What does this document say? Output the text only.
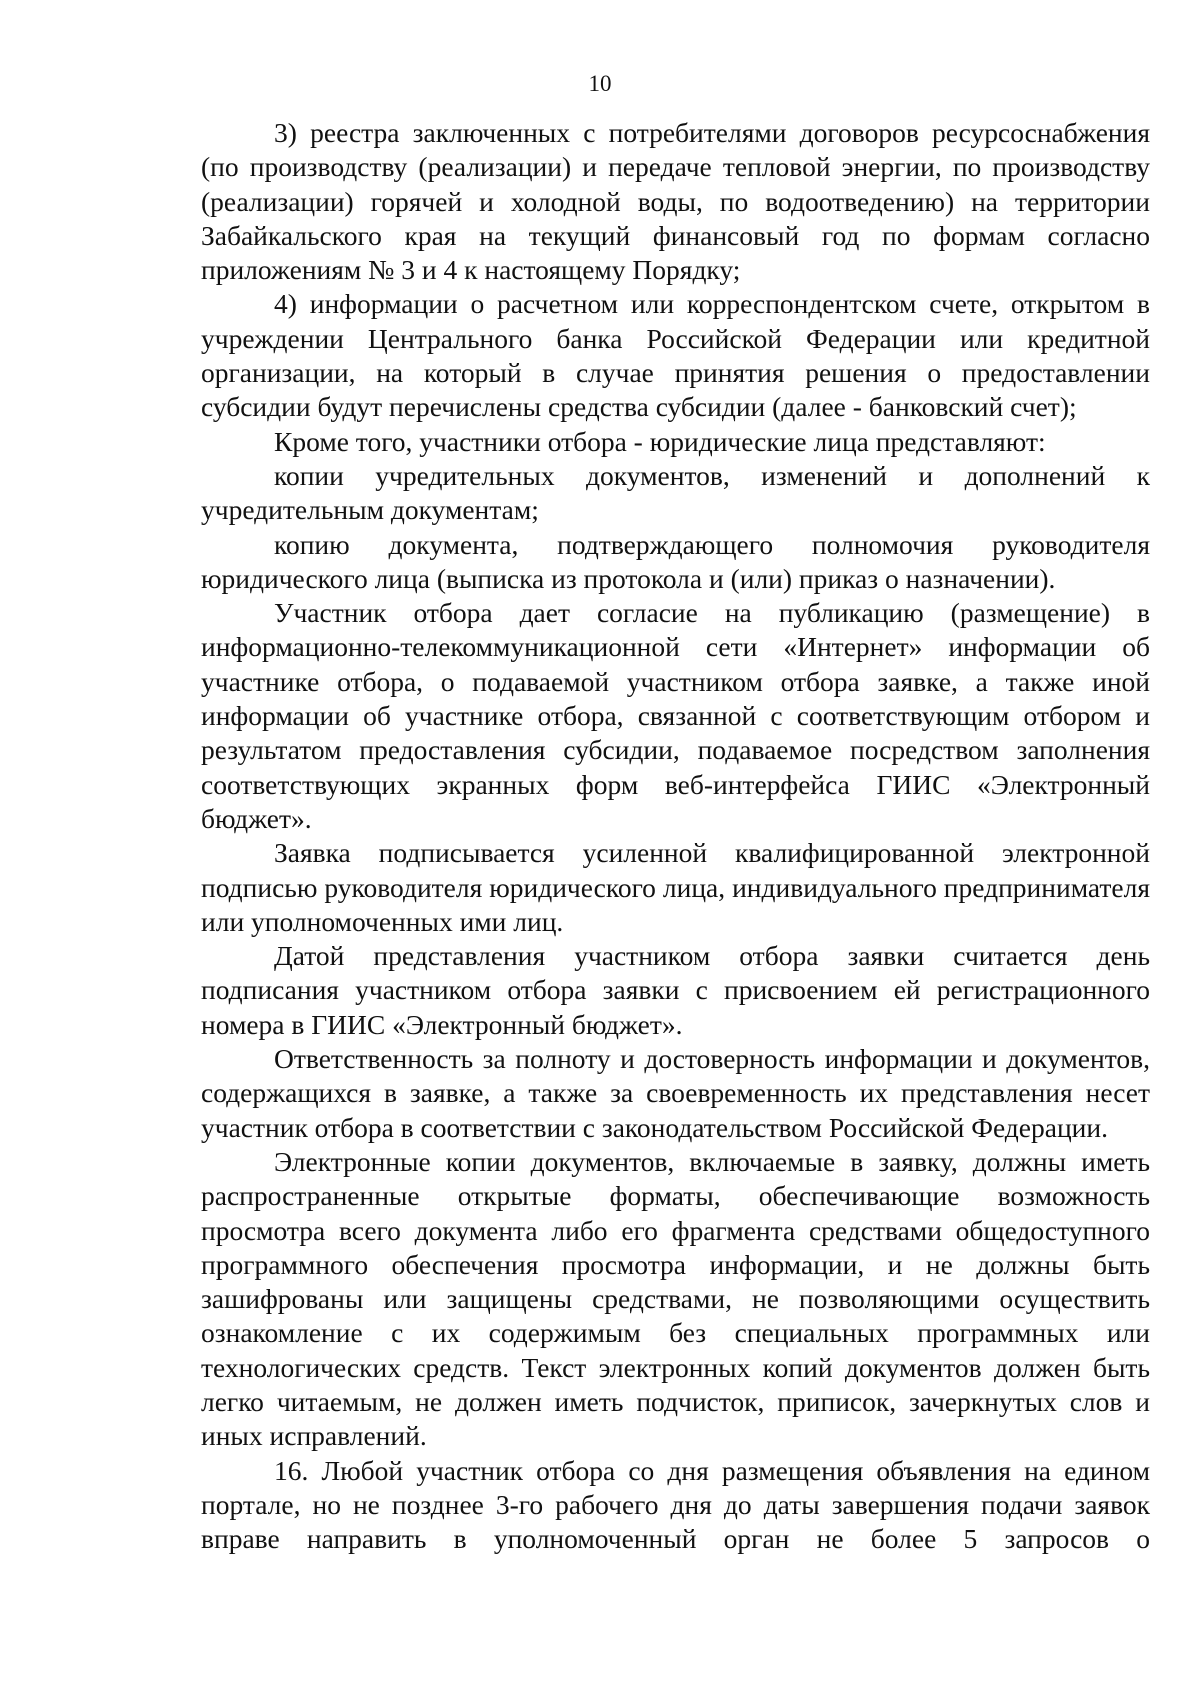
10

3) реестра заключенных с потребителями договоров ресурсоснабжения (по производству (реализации) и передаче тепловой энергии, по производству (реализации) горячей и холодной воды, по водоотведению) на территории Забайкальского края на текущий финансовый год по формам согласно приложениям № 3 и 4 к настоящему Порядку;

4) информации о расчетном или корреспондентском счете, открытом в учреждении Центрального банка Российской Федерации или кредитной организации, на который в случае принятия решения о предоставлении субсидии будут перечислены средства субсидии (далее - банковский счет);

Кроме того, участники отбора - юридические лица представляют:

копии учредительных документов, изменений и дополнений к учредительным документам;

копию документа, подтверждающего полномочия руководителя юридического лица (выписка из протокола и (или) приказ о назначении).

Участник отбора дает согласие на публикацию (размещение) в информационно-телекоммуникационной сети «Интернет» информации об участнике отбора, о подаваемой участником отбора заявке, а также иной информации об участнике отбора, связанной с соответствующим отбором и результатом предоставления субсидии, подаваемое посредством заполнения соответствующих экранных форм веб-интерфейса ГИИС «Электронный бюджет».

Заявка подписывается усиленной квалифицированной электронной подписью руководителя юридического лица, индивидуального предпринимателя или уполномоченных ими лиц.

Датой представления участником отбора заявки считается день подписания участником отбора заявки с присвоением ей регистрационного номера в ГИИС «Электронный бюджет».

Ответственность за полноту и достоверность информации и документов, содержащихся в заявке, а также за своевременность их представления несет участник отбора в соответствии с законодательством Российской Федерации.

Электронные копии документов, включаемые в заявку, должны иметь распространенные открытые форматы, обеспечивающие возможность просмотра всего документа либо его фрагмента средствами общедоступного программного обеспечения просмотра информации, и не должны быть зашифрованы или защищены средствами, не позволяющими осуществить ознакомление с их содержимым без специальных программных или технологических средств. Текст электронных копий документов должен быть легко читаемым, не должен иметь подчисток, приписок, зачеркнутых слов и иных исправлений.

16. Любой участник отбора со дня размещения объявления на едином портале, но не позднее 3-го рабочего дня до даты завершения подачи заявок вправе направить в уполномоченный орган не более 5 запросов о
